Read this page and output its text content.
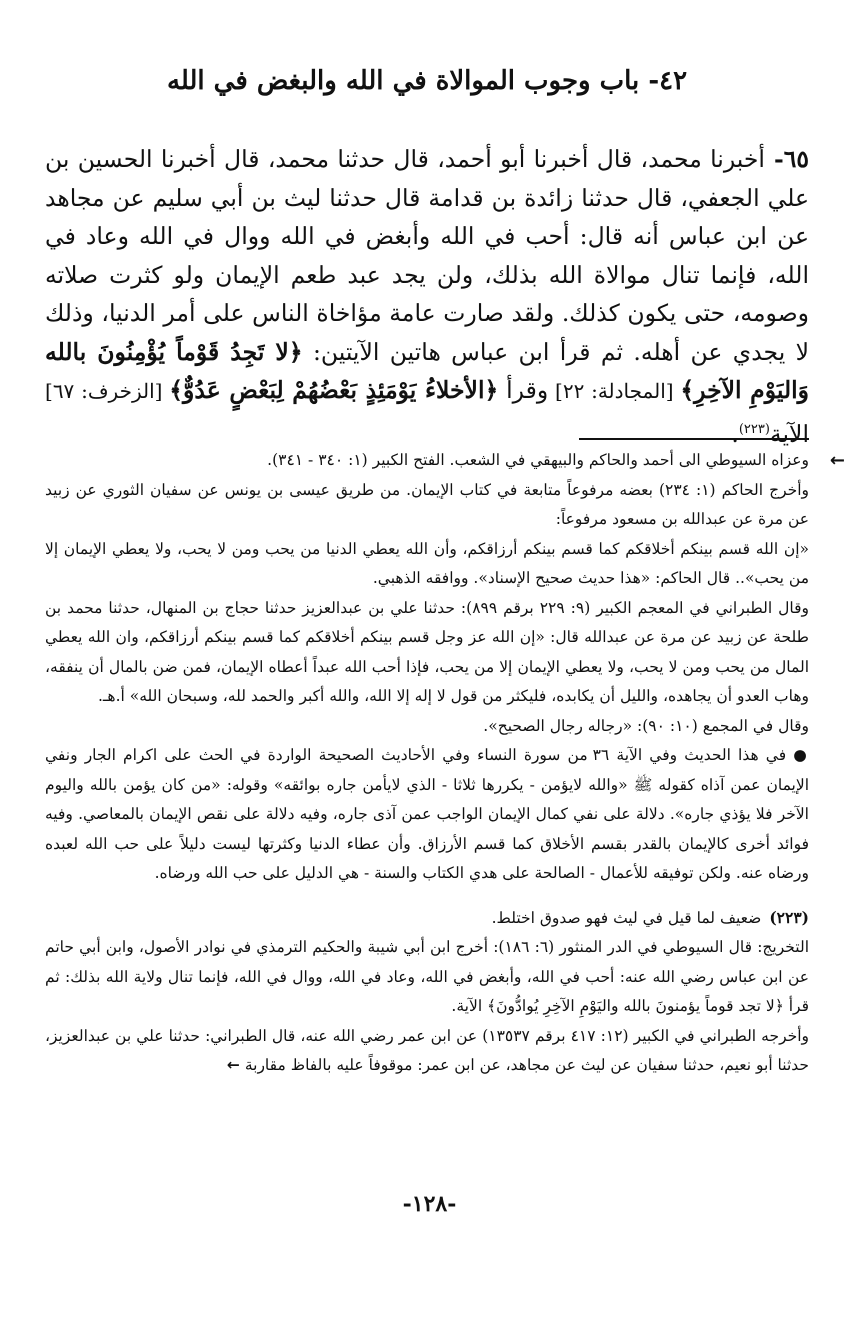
٤٢- باب وجوب الموالاة في الله والبغض في الله
٦٥- أخبرنا محمد، قال أخبرنا أبو أحمد، قال حدثنا محمد، قال أخبرنا الحسين بن علي الجعفي، قال حدثنا زائدة بن قدامة قال حدثنا ليث بن أبي سليم عن مجاهد عن ابن عباس أنه قال: أحب في الله وأبغض في الله ووال في الله وعاد في الله، فإنما تنال موالاة الله بذلك، ولن يجد عبد طعم الإيمان ولو كثرت صلاته وصومه، حتى يكون كذلك. ولقد صارت عامة مؤاخاة الناس على أمر الدنيا، وذلك لا يجدي عن أهله. ثم قرأ ابن عباس هاتين الآيتين: ﴿لا تَجِدُ قَوْماً يُؤْمِنُونَ بالله وَاليَوْمِ الآخِرِ﴾ [المجادلة: ٢٢] وقرأ ﴿الأخلاءُ يَوْمَئِذٍ بَعْضُهُمْ لِبَعْضٍ عَدُوٌّ﴾ [الزخرف: ٦٧] الآية$^{(٢٢٣)}$.
←

وعزاه السيوطي الى أحمد والحاكم والبيهقي في الشعب. الفتح الكبير (١: ٣٤٠ - ٣٤١).

وأخرج الحاكم (١: ٢٣٤) بعضه مرفوعاً متابعة في كتاب الإيمان. من طريق عيسى بن يونس عن سفيان الثوري عن زبيد عن مرة عن عبدالله بن مسعود مرفوعاً:

«إن الله قسم بينكم أخلاقكم كما قسم بينكم أرزاقكم، وأن الله يعطي الدنيا من يحب ومن لا يحب، ولا يعطي الإيمان إلا من يحب».. قال الحاكم: «هذا حديث صحيح الإسناد». ووافقه الذهبي.

وقال الطبراني في المعجم الكبير (٩: ٢٢٩ برقم ٨٩٩): حدثنا علي بن عبدالعزيز حدثنا حجاج بن المنهال، حدثنا محمد بن طلحة عن زبيد عن مرة عن عبدالله قال: «إن الله عز وجل قسم بينكم أخلاقكم كما قسم بينكم أرزاقكم، وان الله يعطي المال من يحب ومن لا يحب، ولا يعطي الإيمان إلا من يحب، فإذا أحب الله عبداً أعطاه الإيمان، فمن ضن بالمال أن ينفقه، وهاب العدو أن يجاهده، والليل أن يكابده، فليكثر من قول لا إله إلا الله، والله أكبر والحمد لله، وسبحان الله» أ.هـ.

وقال في المجمع (١٠: ٩٠): «رجاله رجال الصحيح».

● في هذا الحديث وفي الآية ٣٦ من سورة النساء وفي الأحاديث الصحيحة الواردة في الحث على اكرام الجار ونفي الإيمان عمن آذاه كقوله ﷺ «والله لايؤمن - يكررها ثلاثا - الذي لايأمن جاره بوائقه» وقوله: «من كان يؤمن بالله واليوم الآخر فلا يؤذي جاره». دلالة على نفي كمال الإيمان الواجب عمن آذى جاره، وفيه دلالة على نقص الإيمان بالمعاصي. وفيه فوائد أخرى كالإيمان بالقدر بقسم الأخلاق كما قسم الأرزاق. وأن عطاء الدنيا وكثرتها ليست دليلاً على حب الله لعبده ورضاه عنه. ولكن توفيقه للأعمال - الصالحة على هدي الكتاب والسنة - هي الدليل على حب الله ورضاه.

(٢٢٣)ضعيف لما قيل في ليث فهو صدوق اختلط.

التخريج: قال السيوطي في الدر المنثور (٦: ١٨٦): أخرج ابن أبي شيبة والحكيم الترمذي في نوادر الأصول، وابن أبي حاتم عن ابن عباس رضي الله عنه: أحب في الله، وأبغض في الله، وعاد في الله، ووال في الله، فإنما تنال ولاية الله بذلك: ثم قرأ ﴿لا تجد قوماً يؤمنونَ بالله واليَوْمِ الآخِرِ يُوادُّونَ﴾ الآية.

وأخرجه الطبراني في الكبير (١٢: ٤١٧ برقم ١٣٥٣٧) عن ابن عمر رضي الله عنه، قال الطبراني: حدثنا علي بن عبدالعزيز، حدثنا أبو نعيم، حدثنا سفيان عن ليث عن مجاهد، عن ابن عمر: موقوفاً عليه بالفاظ مقاربة ←

-١٢٨-
